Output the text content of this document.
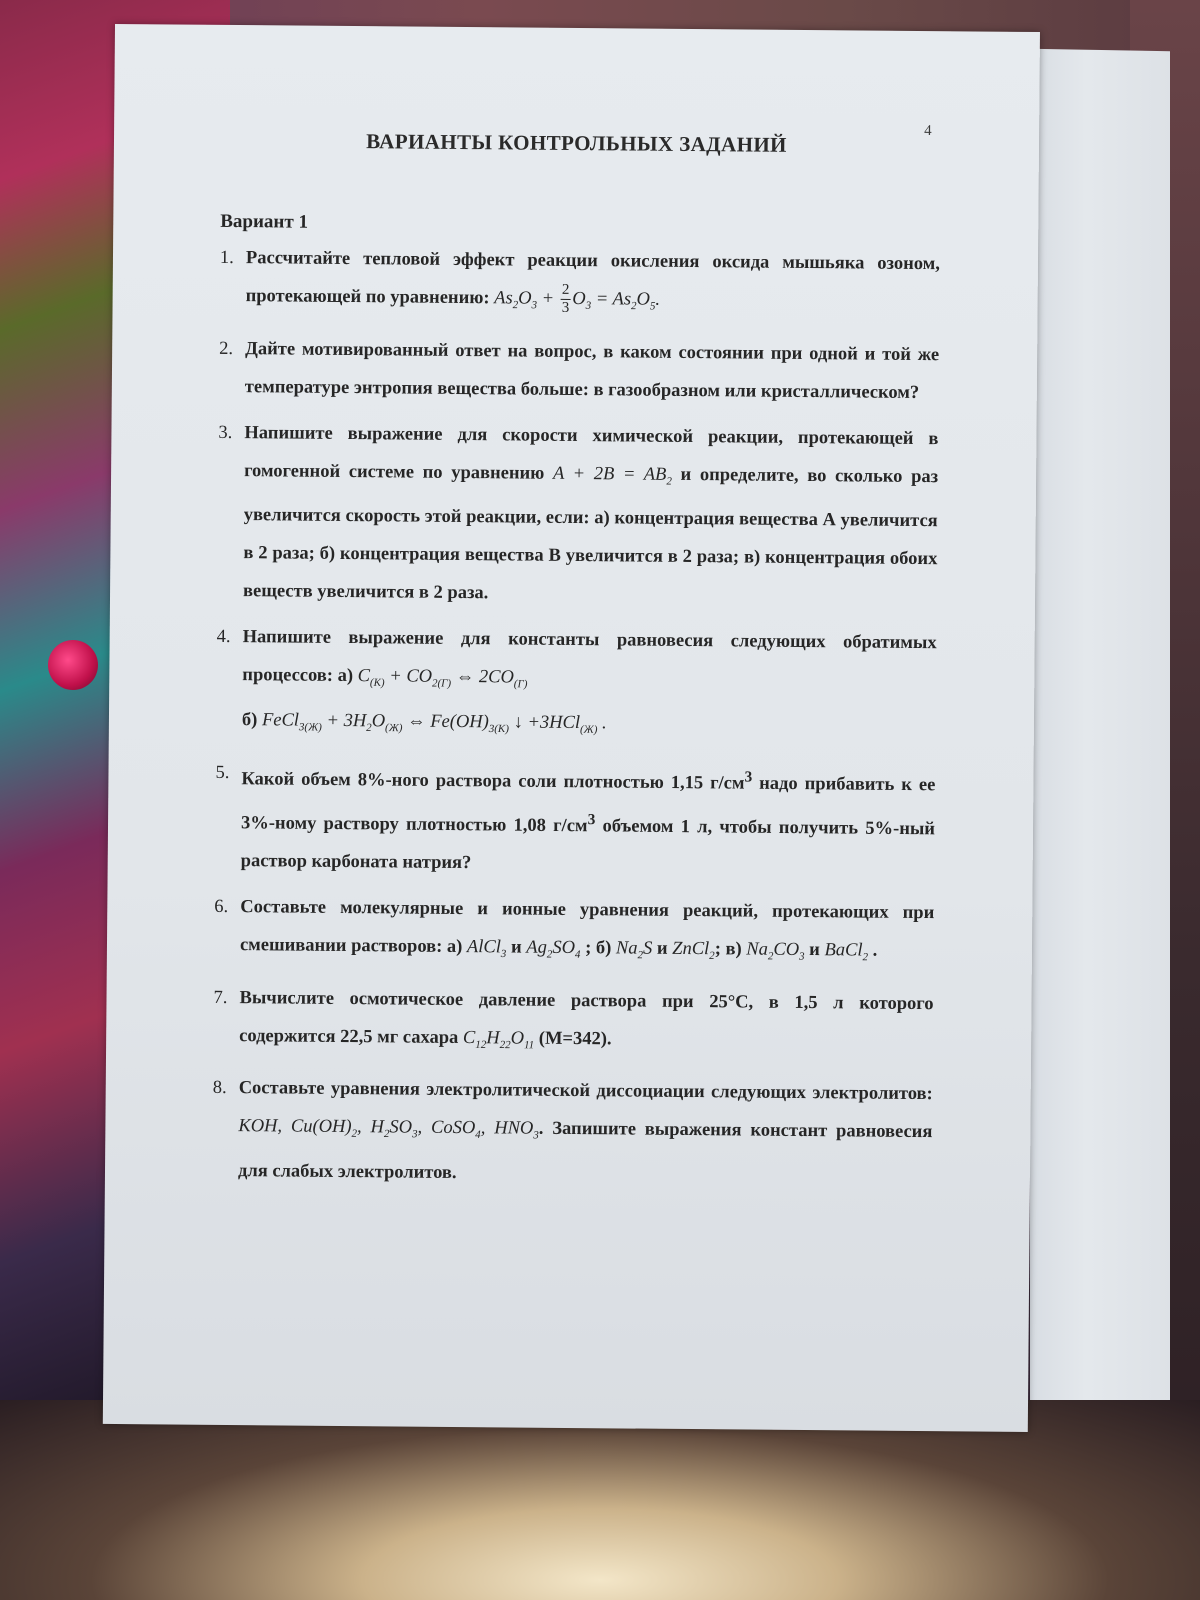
4
ВАРИАНТЫ КОНТРОЛЬНЫХ ЗАДАНИЙ
Вариант 1
1. Рассчитайте тепловой эффект реакции окисления оксида мышьяка озоном, протекающей по уравнению: $As_2O_3 + \frac{2}{3} O_3 = As_2O_5$.
2. Дайте мотивированный ответ на вопрос, в каком состоянии при одной и той же температуре энтропия вещества больше: в газообразном или кристаллическом?
3. Напишите выражение для скорости химической реакции, протекающей в гомогенной системе по уравнению $A + 2B = AB_2$ и определите, во сколько раз увеличится скорость этой реакции, если: а) концентрация вещества А увеличится в 2 раза; б) концентрация вещества В увеличится в 2 раза; в) концентрация обоих веществ увеличится в 2 раза.
4. Напишите выражение для константы равновесия следующих обратимых процессов: а) $C_{(К)} + CO_{2(Г)}$ ⇔ $2CO_{(Г)}$
б) FeCl$_{3(Ж)}$ + $3H_2O_{(Ж)}$ ⇔ $Fe(OH)_{3(К)}$ ↓ +3HCl$_{(Ж)}$ .
5. Какой объем 8%-ного раствора соли плотностью 1,15 $г/см^3$ надо прибавить к ее 3%-ному раствору плотностью 1,08 $г/см^3$ объемом 1 л, чтобы получить 5%-ный раствор карбоната натрия?
6. Составьте молекулярные и ионные уравнения реакций, протекающих при смешивании растворов: а) AlCl$_3$ и $Ag_2SO_4$ ; б) $Na_2S$ и ZnCl$_2$; в) $Na_2CO_3$ и BaCl$_2$ .
7. Вычислите осмотическое давление раствора при 25°С, в 1,5 л которого содержится 22,5 мг сахара $C_{12}H_{22}O_{11}$ (М=342).
8. Составьте уравнения электролитической диссоциации следующих электролитов: KOH, $Cu(OH)_2$, $H_2SO_3$, CoSO$_4$, $HNO_3$. Запишите выражения констант равновесия для слабых электролитов.
